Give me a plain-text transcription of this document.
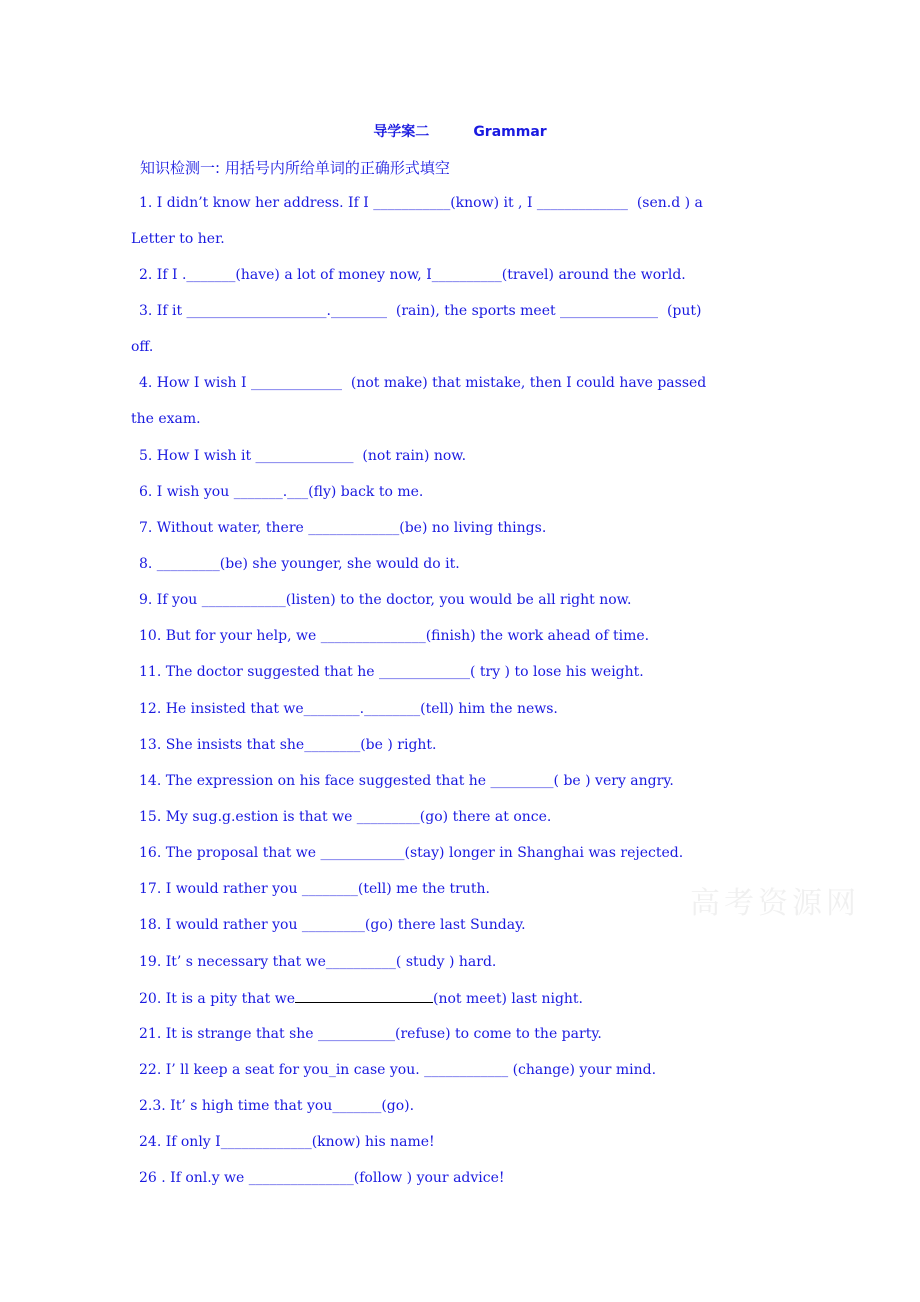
导学案二	Grammar
知识检测一: 用括号内所给单词的正确形式填空
1. I didn’t know her address. If I ___________(know) it , I _____________  (sen.d ) a
Letter to her.
2. If I ._______(have) a lot of money now, I__________(travel) around the world.
3. If it ____________________.________  (rain), the sports meet ______________  (put)
off.
4. How I wish I _____________  (not make) that mistake, then I could have passed
the exam.
5. How I wish it ______________  (not rain) now.
6. I wish you _______.___(fly) back to me.
7. Without water, there _____________(be) no living things.
8. _________(be) she younger, she would do it.
9. If you ____________(listen) to the doctor, you would be all right now.
10. But for your help, we _______________(finish) the work ahead of time.
11. The doctor suggested that he _____________( try ) to lose his weight.
12. He insisted that we________.________(tell) him the news.
13. She insists that she________(be ) right.
14. The expression on his face suggested that he _________( be ) very angry.
15. My sug.g.estion is that we _________(go) there at once.
16. The proposal that we ____________(stay) longer in Shanghai was rejected.
17. I would rather you ________(tell) me the truth.
18. I would rather you _________(go) there last Sunday.
19. It’ s necessary that we__________( study ) hard.
20. It is a pity that we	(not meet) last night.
21. It is strange that she ___________(refuse) to come to the party.
22. I’ ll keep a seat for you_in case you. ____________ (change) your mind.
2.3. It’ s high time that you_______(go).
24. If only I_____________(know) his name!
26 . If onl.y we _______________(follow ) your advice!
高考资源网
